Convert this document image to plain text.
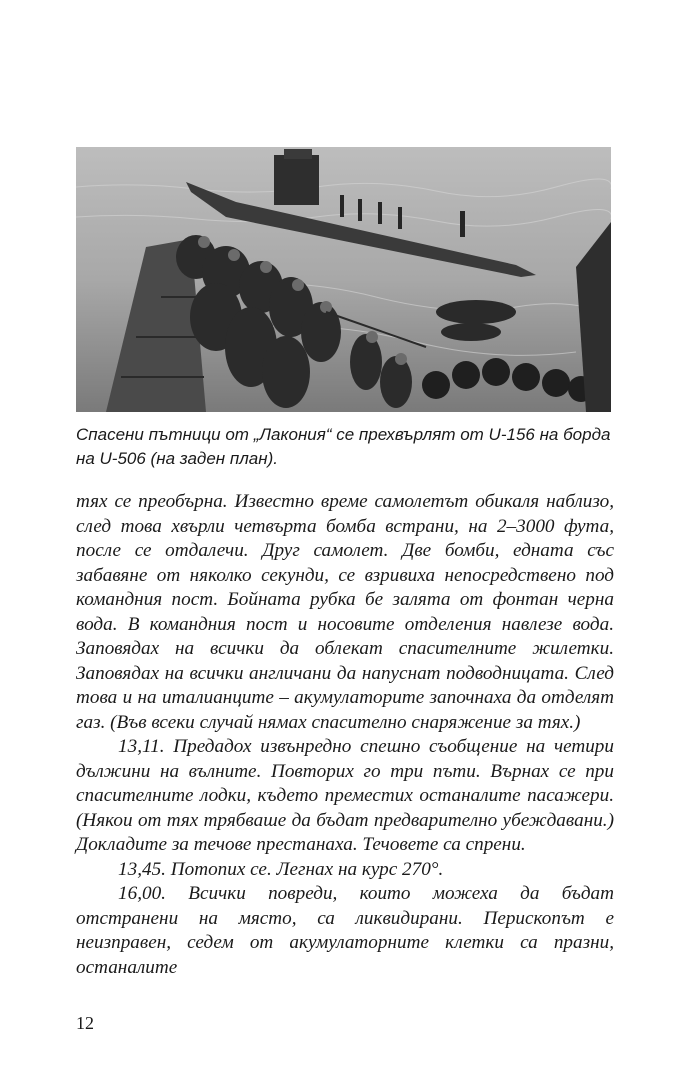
Спасени пътници от „Лакония“ се прехвърлят от U-156 на борда на U-506 (на заден план).

тях се преобърна. Известно време самолетът обикаля наблизо, след това хвърли четвърта бомба встрани, на 2–3000 фута, после се отдалечи. Друг самолет. Две бомби, едната със забавяне от няколко секунди, се взривиха непосредствено под командния пост. Бойната рубка бе залята от фонтан черна вода. В командния пост и носовите отделения навлезе вода. Заповядах на всички да облекат спасителните жилетки. Заповядах на всички англичани да напуснат подводницата. След това и на италианците – акумулаторите започнаха да отделят газ. (Във всеки случай нямах спасително снаряжение за тях.)

13,11. Предадох извънредно спешно съобщение на четири дължини на вълните. Повторих го три пъти. Върнах се при спасителните лодки, където преместих останалите пасажери. (Някои от тях трябваше да бъдат предварително убеждавани.) Докладите за течове престанаха. Течовете са спрени.

13,45. Потопих се. Легнах на курс 270°.

16,00. Всички повреди, които можеха да бъдат отстранени на място, са ликвидирани. Перископът е неизправен, седем от акумулаторните клетки са празни, останалите

12
